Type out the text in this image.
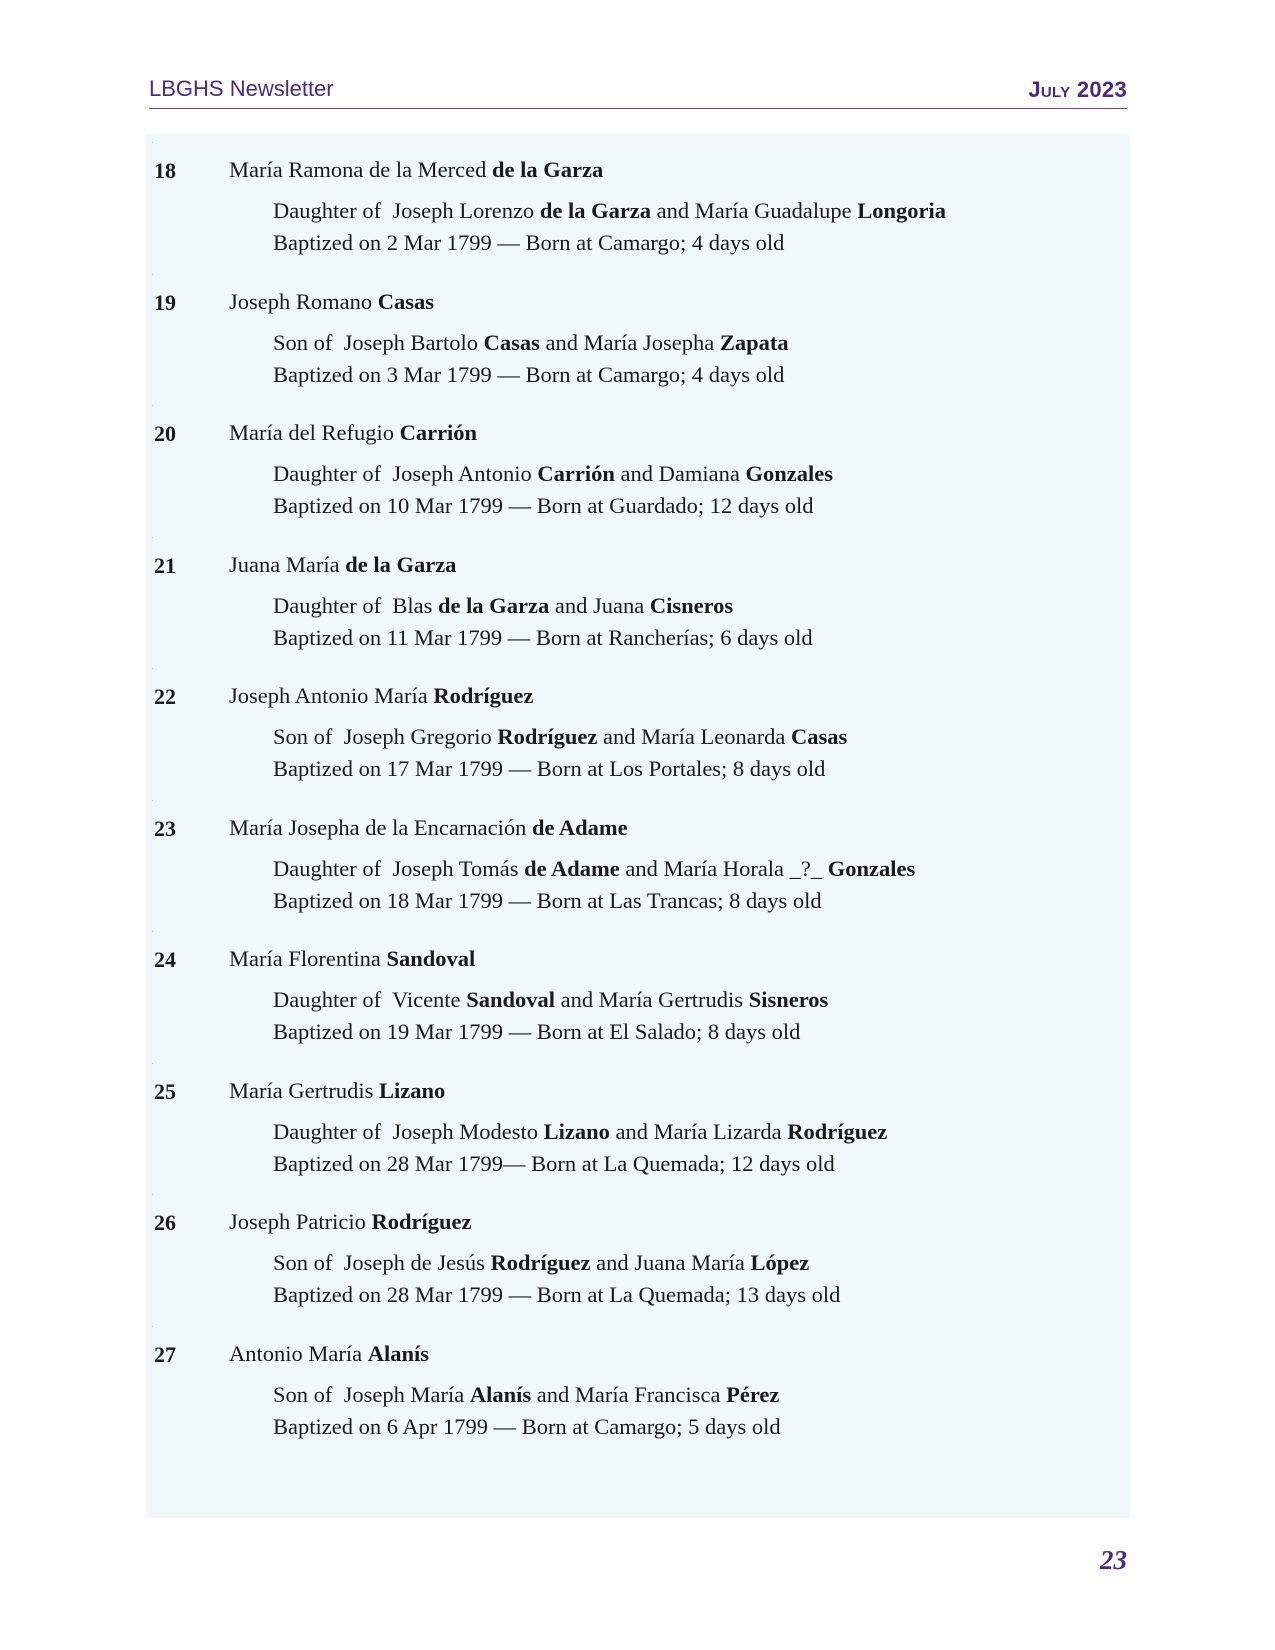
LBGHS Newsletter	July 2023
.
18 María Ramona de la Merced de la Garza
Daughter of Joseph Lorenzo de la Garza and María Guadalupe Longoria
Baptized on 2 Mar 1799 — Born at Camargo; 4 days old
.
19 Joseph Romano Casas
Son of Joseph Bartolo Casas and María Josepha Zapata
Baptized on 3 Mar 1799 — Born at Camargo; 4 days old
.
20 María del Refugio Carrión
Daughter of Joseph Antonio Carrión and Damiana Gonzales
Baptized on 10 Mar 1799 — Born at Guardado; 12 days old
.
21 Juana María de la Garza
Daughter of Blas de la Garza and Juana Cisneros
Baptized on 11 Mar 1799 — Born at Rancherías; 6 days old
.
22 Joseph Antonio María Rodríguez
Son of Joseph Gregorio Rodríguez and María Leonarda Casas
Baptized on 17 Mar 1799 — Born at Los Portales; 8 days old
.
23 María Josepha de la Encarnación de Adame
Daughter of Joseph Tomás de Adame and María Horala _?_ Gonzales
Baptized on 18 Mar 1799 — Born at Las Trancas; 8 days old
.
24 María Florentina Sandoval
Daughter of Vicente Sandoval and María Gertrudis Sisneros
Baptized on 19 Mar 1799 — Born at El Salado; 8 days old
.
25 María Gertrudis Lizano
Daughter of Joseph Modesto Lizano and María Lizarda Rodríguez
Baptized on 28 Mar 1799— Born at La Quemada; 12 days old
.
26 Joseph Patricio Rodríguez
Son of Joseph de Jesús Rodríguez and Juana María López
Baptized on 28 Mar 1799 — Born at La Quemada; 13 days old
.
27 Antonio María Alanís
Son of Joseph María Alanís and María Francisca Pérez
Baptized on 6 Apr 1799 — Born at Camargo; 5 days old
23
